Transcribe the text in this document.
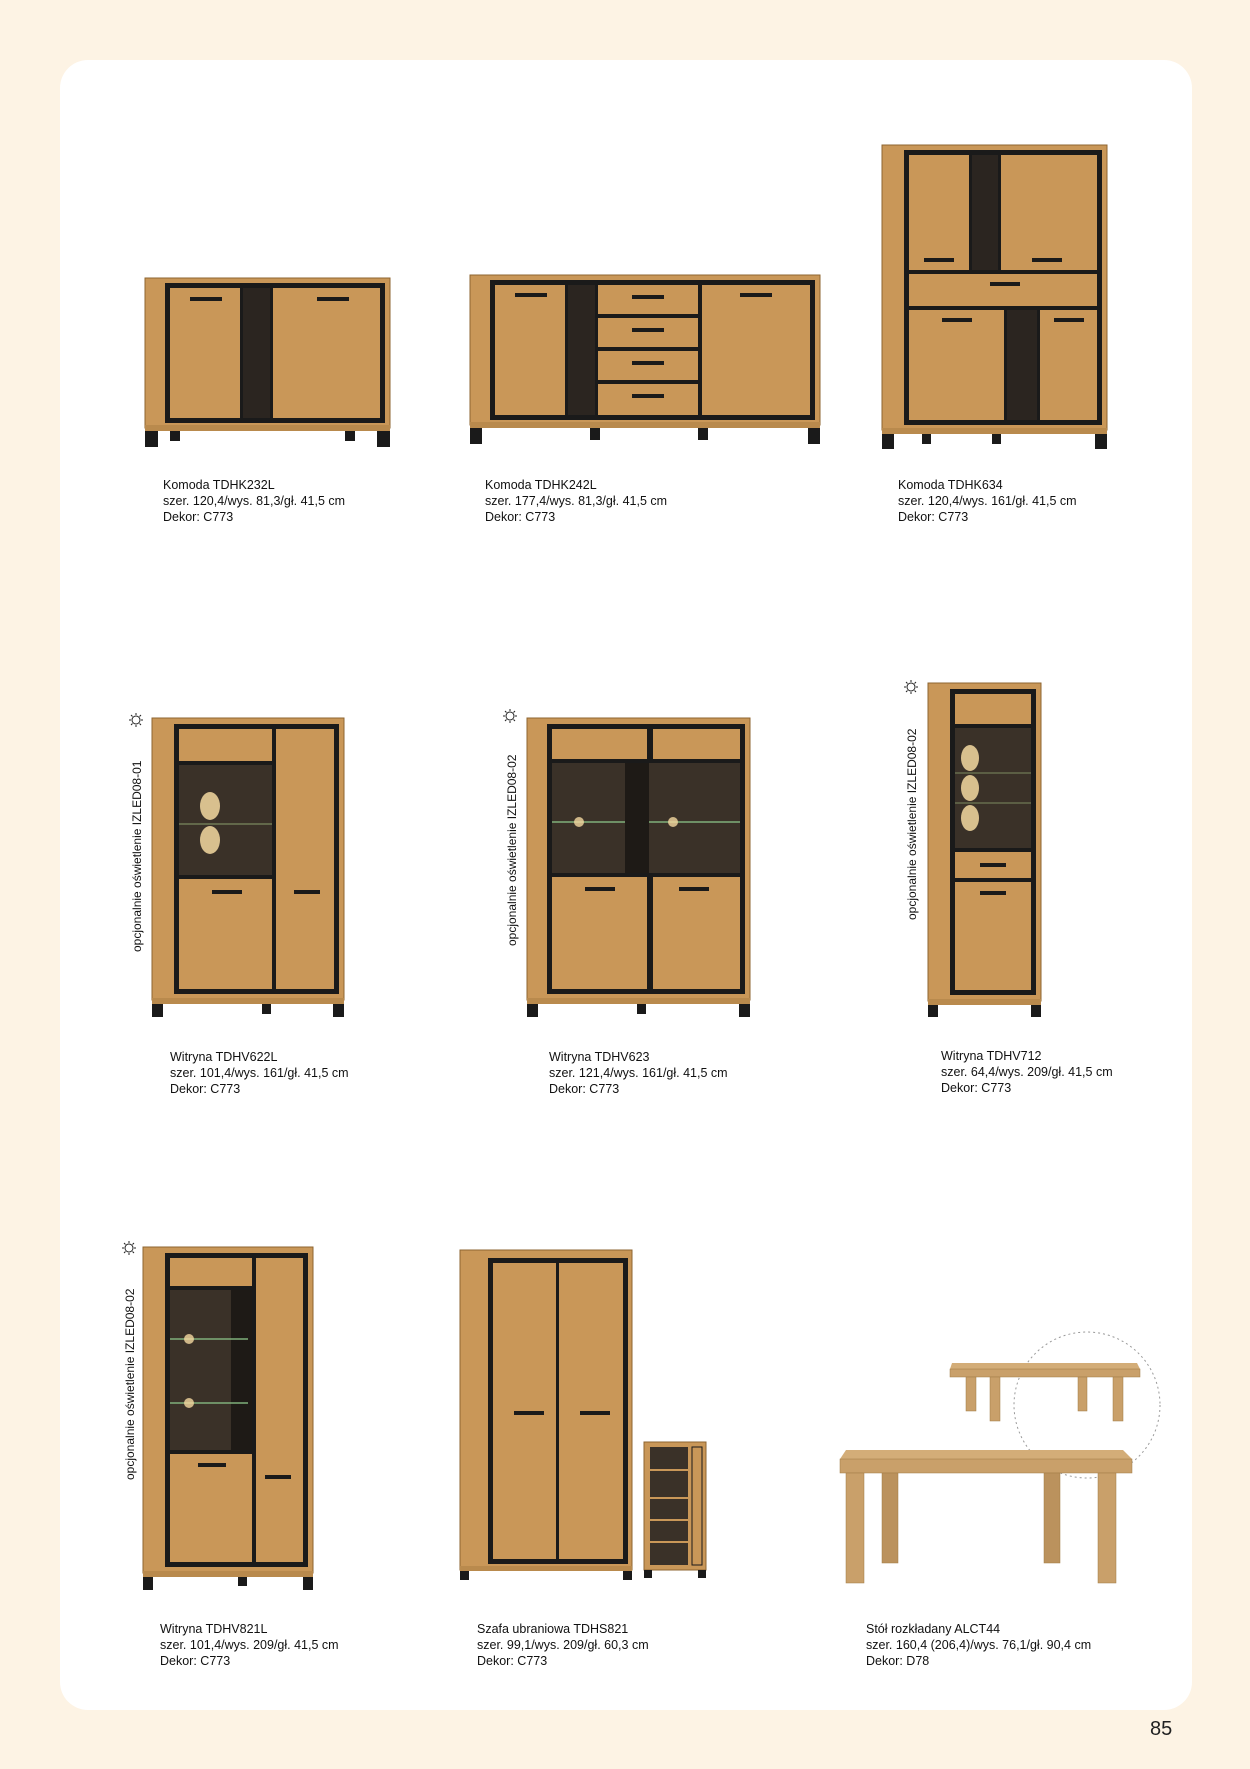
Komoda TDHK232L
szer. 120,4/wys. 81,3/gł. 41,5 cm
Dekor: C773
Komoda TDHK242L
szer. 177,4/wys. 81,3/gł. 41,5 cm
Dekor: C773
Komoda TDHK634
szer. 120,4/wys. 161/gł. 41,5 cm
Dekor: C773
opcjonalnie oświetlenie IZLED08-01
Witryna TDHV622L
szer. 101,4/wys. 161/gł. 41,5 cm
Dekor: C773
opcjonalnie oświetlenie IZLED08-02
Witryna TDHV623
szer. 121,4/wys. 161/gł. 41,5 cm
Dekor: C773
opcjonalnie oświetlenie IZLED08-02
Witryna TDHV712
szer. 64,4/wys. 209/gł. 41,5 cm
Dekor: C773
opcjonalnie oświetlenie IZLED08-02
Witryna TDHV821L
szer. 101,4/wys. 209/gł. 41,5 cm
Dekor: C773
Szafa ubraniowa TDHS821
szer. 99,1/wys. 209/gł. 60,3 cm
Dekor: C773
Stół rozkładany ALCT44
szer. 160,4 (206,4)/wys. 76,1/gł. 90,4 cm
Dekor: D78
85
